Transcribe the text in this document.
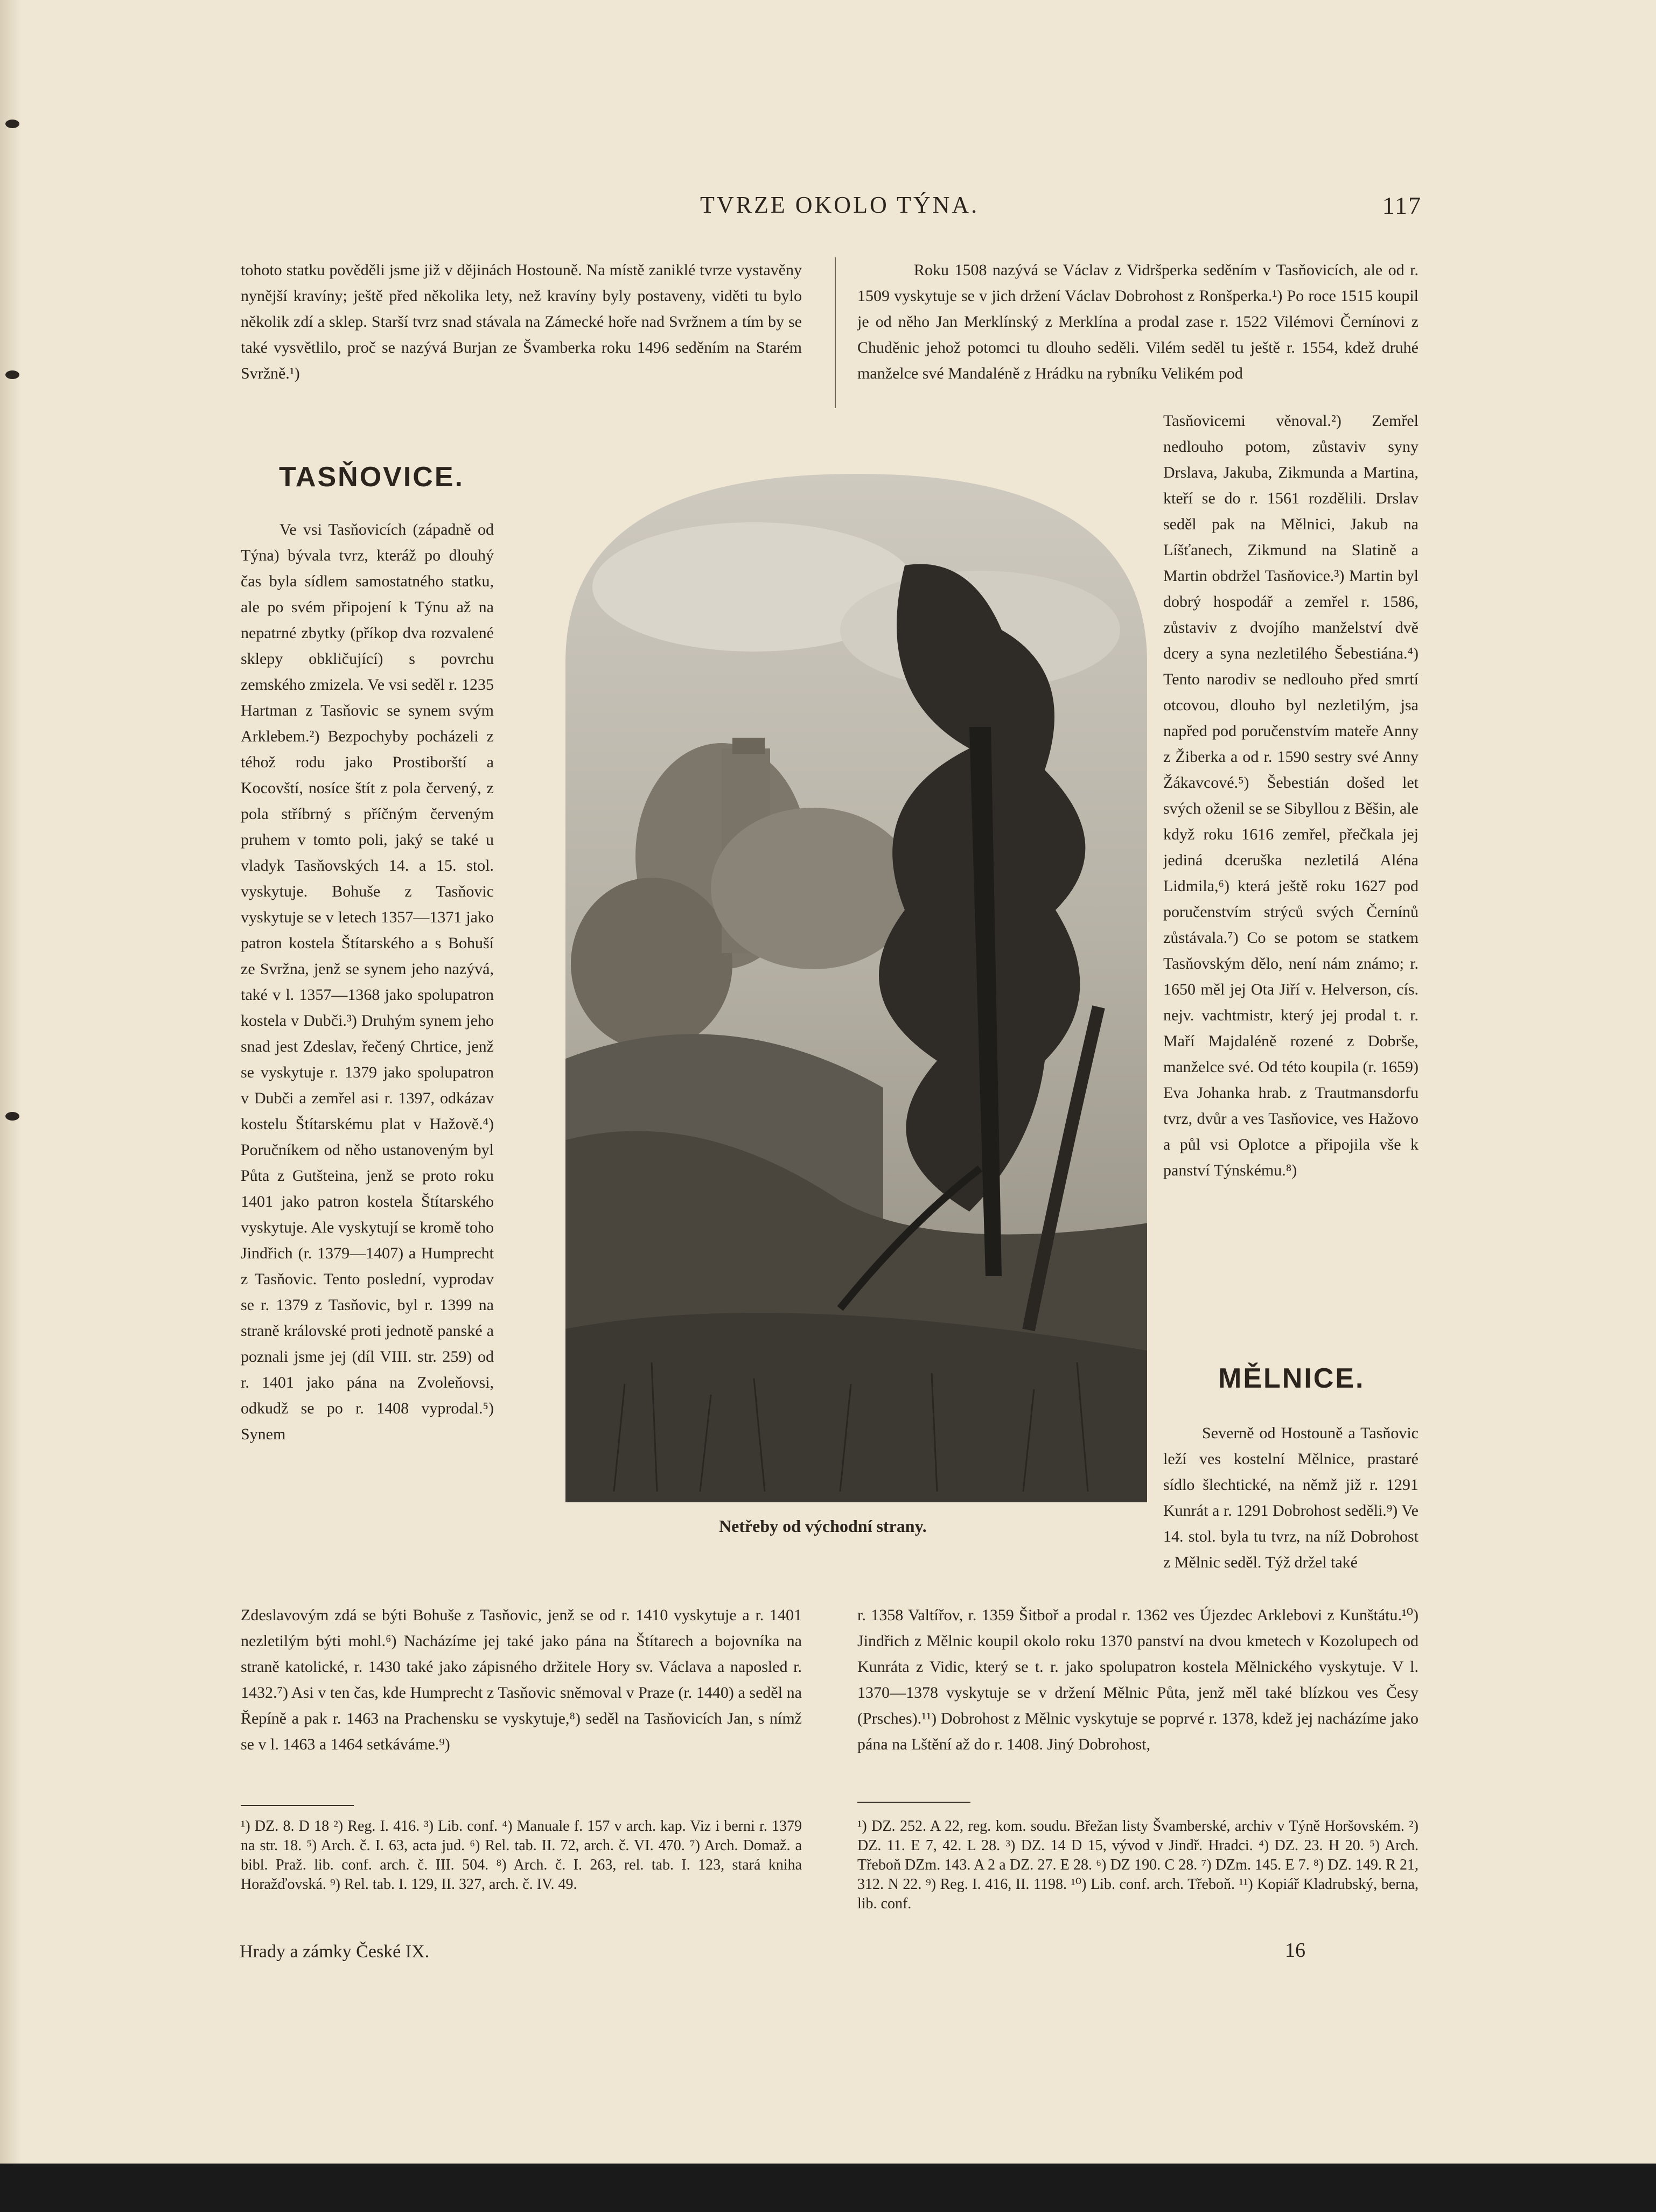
TVRZE OKOLO TÝNA.	117

tohoto statku pověděli jsme již v dějinách Hostouně. Na místě zaniklé tvrze vystavěny nynější kravíny; ještě před několika lety, než kravíny byly postaveny, viděti tu bylo několik zdí a sklep. Starší tvrz snad stávala na Zámecké hoře nad Svržnem a tím by se také vysvětlilo, proč se nazývá Burjan ze Švamberka roku 1496 seděním na Starém Svržně.¹)

Roku 1508 nazývá se Václav z Vidršperka seděním v Tasňovicích, ale od r. 1509 vyskytuje se v jich držení Václav Dobrohost z Ronšperka.¹) Po roce 1515 koupil je od něho Jan Merklínský z Merklína a prodal zase r. 1522 Vilémovi Černínovi z Chuděnic jehož potomci tu dlouho seděli. Vilém seděl tu ještě r. 1554, kdež druhé manželce své Mandaléně z Hrádku na rybníku Velikém pod

TASŇOVICE.

Ve vsi Tasňovicích (západně od Týna) bývala tvrz, kteráž po dlouhý čas byla sídlem samostatného statku, ale po svém připojení k Týnu až na nepatrné zbytky (příkop dva rozvalené sklepy obkličující) s povrchu zemského zmizela. Ve vsi seděl r. 1235 Hartman z Tasňovic se synem svým Arklebem.²) Bezpochyby pocházeli z téhož rodu jako Prostiborští a Kocovští, nosíce štít z pola červený, z pola stříbrný s příčným červeným pruhem v tomto poli, jaký se také u vladyk Tasňovských 14. a 15. stol. vyskytuje. Bohuše z Tasňovic vyskytuje se v letech 1357—1371 jako patron kostela Štítarského a s Bohuší ze Svržna, jenž se synem jeho nazývá, také v l. 1357—1368 jako spolupatron kostela v Dubči.³) Druhým synem jeho snad jest Zdeslav, řečený Chrtice, jenž se vyskytuje r. 1379 jako spolupatron v Dubči a zemřel asi r. 1397, odkázav kostelu Štítarskému plat v Hažově.⁴) Poručníkem od něho ustanoveným byl Půta z Gutšteina, jenž se proto roku 1401 jako patron kostela Štítarského vyskytuje. Ale vyskytují se kromě toho Jindřich (r. 1379—1407) a Humprecht z Tasňovic. Tento poslední, vyprodav se r. 1379 z Tasňovic, byl r. 1399 na straně královské proti jednotě panské a poznali jsme jej (díl VIII. str. 259) od r. 1401 jako pána na Zvoleňovsi, odkudž se po r. 1408 vyprodal.⁵) Synem

Netřeby od východní strany.

Tasňovicemi věnoval.²) Zemřel nedlouho potom, zůstaviv syny Drslava, Jakuba, Zikmunda a Martina, kteří se do r. 1561 rozdělili. Drslav seděl pak na Mělnici, Jakub na Líšťanech, Zikmund na Slatině a Martin obdržel Tasňovice.³) Martin byl dobrý hospodář a zemřel r. 1586, zůstaviv z dvojího manželství dvě dcery a syna nezletilého Šebestiána.⁴) Tento narodiv se nedlouho před smrtí otcovou, dlouho byl nezletilým, jsa napřed pod poručenstvím mateře Anny z Žiberka a od r. 1590 sestry své Anny Žákavcové.⁵) Šebestián došed let svých oženil se se Sibyllou z Běšin, ale když roku 1616 zemřel, přečkala jej jediná dceruška nezletilá Aléna Lidmila,⁶) která ještě roku 1627 pod poručenstvím strýců svých Černínů zůstávala.⁷) Co se potom se statkem Tasňovským dělo, není nám známo; r. 1650 měl jej Ota Jiří v. Helverson, cís. nejv. vachtmistr, který jej prodal t. r. Maří Majdaléně rozené z Dobrše, manželce své. Od této koupila (r. 1659) Eva Johanka hrab. z Trautmansdorfu tvrz, dvůr a ves Tasňovice, ves Hažovo a půl vsi Oplotce a připojila vše k panství Týnskému.⁸)

MĚLNICE.

Severně od Hostouně a Tasňovic leží ves kostelní Mělnice, prastaré sídlo šlechtické, na němž již r. 1291 Kunrát a r. 1291 Dobrohost seděli.⁹) Ve 14. stol. byla tu tvrz, na níž Dobrohost z Mělnic seděl. Týž držel také

Zdeslavovým zdá se býti Bohuše z Tasňovic, jenž se od r. 1410 vyskytuje a r. 1401 nezletilým býti mohl.⁶) Nacházíme jej také jako pána na Štítarech a bojovníka na straně katolické, r. 1430 také jako zápisného držitele Hory sv. Václava a naposled r. 1432.⁷) Asi v ten čas, kde Humprecht z Tasňovic sněmoval v Praze (r. 1440) a seděl na Řepíně a pak r. 1463 na Prachensku se vyskytuje,⁸) seděl na Tasňovicích Jan, s nímž se v l. 1463 a 1464 setkáváme.⁹)

r. 1358 Valtířov, r. 1359 Šitboř a prodal r. 1362 ves Újezdec Arklebovi z Kunštátu.¹⁰) Jindřich z Mělnic koupil okolo roku 1370 panství na dvou kmetech v Kozolupech od Kunráta z Vidic, který se t. r. jako spolupatron kostela Mělnického vyskytuje. V l. 1370—1378 vyskytuje se v držení Mělnic Půta, jenž měl také blízkou ves Česy (Prsches).¹¹) Dobrohost z Mělnic vyskytuje se poprvé r. 1378, kdež jej nacházíme jako pána na Lštění až do r. 1408. Jiný Dobrohost,

¹) DZ. 8. D 18 ²) Reg. I. 416. ³) Lib. conf. ⁴) Manuale f. 157 v arch. kap. Viz i berni r. 1379 na str. 18. ⁵) Arch. č. I. 63, acta jud. ⁶) Rel. tab. II. 72, arch. č. VI. 470. ⁷) Arch. Domaž. a bibl. Praž. lib. conf. arch. č. III. 504. ⁸) Arch. č. I. 263, rel. tab. I. 123, stará kniha Horažďovská. ⁹) Rel. tab. I. 129, II. 327, arch. č. IV. 49.
¹) DZ. 252. A 22, reg. kom. soudu. Břežan listy Švamberské, archiv v Týně Horšovském. ²) DZ. 11. E 7, 42. L 28. ³) DZ. 14 D 15, vývod v Jindř. Hradci. ⁴) DZ. 23. H 20. ⁵) Arch. Třeboň DZm. 143. A 2 a DZ. 27. E 28. ⁶) DZ 190. C 28. ⁷) DZm. 145. E 7. ⁸) DZ. 149. R 21, 312. N 22. ⁹) Reg. I. 416, II. 1198. ¹⁰) Lib. conf. arch. Třeboň. ¹¹) Kopiář Kladrubský, berna, lib. conf.
Hrady a zámky České IX.	16
